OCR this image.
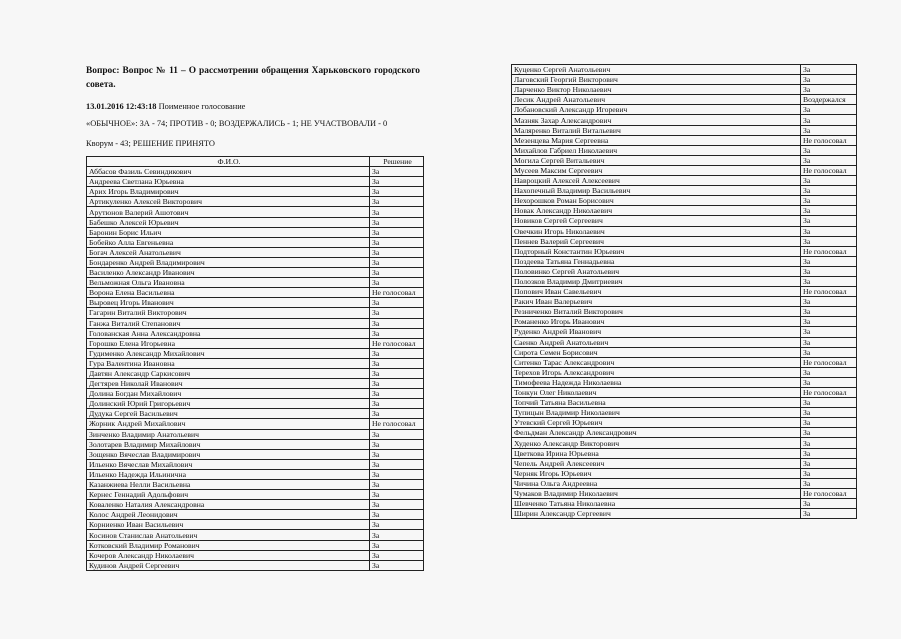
Вопрос: Вопрос № 11 – О рассмотрении обращения Харьковского городского совета.
13.01.2016 12:43:18 Поименное голосование
«ОБЫЧНОЕ»: ЗА - 74; ПРОТИВ - 0; ВОЗДЕРЖАЛИСЬ - 1; НЕ УЧАСТВОВАЛИ - 0
Кворум - 43; РЕШЕНИЕ ПРИНЯТО
Ф.И.О.	Решение
Аббасов Фазиль Севиндикович	За
Андреева Светлана Юрьевна	За
Арих Игорь Владимирович	За
Артикуленко Алексей Викторович	За
Арутюнов Валерий Ашотович	За
Бабешко Алексей Юрьевич	За
Баронин Борис Ильич	За
Бобейко Алла Евгеньевна	За
Богач Алексей Анатольевич	За
Бондаренко Андрей Владимирович	За
Василенко Александр Иванович	За
Вельможная Ольга Ивановна	За
Ворона Елена Васильевна	Не голосовал
Выровец Игорь Иванович	За
Гагарин Виталий Викторович	За
Ганжа Виталий Степанович	За
Голованская Анна Александровна	За
Горошко Елена Игорьевна	Не голосовал
Гудименко Александр Михайлович	За
Гура Валентина Ивановна	За
Давтян Александр Саркисович	За
Дегтярев Николай Иванович	За
Долина Богдан Михайлович	За
Долинский Юрий Григорьевич	За
Дудука Сергей Васильевич	За
Жорник Андрей Михайлович	Не голосовал
Зинченко Владимир Анатольевич	За
Золотарев Владимир Михайлович	За
Зощенко Вячеслав Владимирович	За
Ильенко Вячеслав Михайлович	За
Ильенко Надежда Ильинична	За
Казанжиева Нелли Васильевна	За
Кернес Геннадий Адольфович	За
Коваленко Наталия Александровна	За
Колос Андрей Леонидович	За
Корниенко Иван Васильевич	За
Косинов Станислав Анатольевич	За
Котковский Владимир Романович	За
Кочеров Александр Николаевич	За
Кудинов Андрей Сергеевич	За
Куценко Сергей Анатольевич	За
Лаговский Георгий Викторович	За
Ларченко Виктор Николаевич	За
Лесик Андрей Анатольевич	Воздержался
Лобановский Александр Игоревич	За
Мазняк Захар Александрович	За
Маляренко Виталий Витальевич	За
Мезенцева Мария Сергеевна	Не голосовал
Михайлов Габриел Николаевич	За
Могила Сергей Витальевич	За
Мусеев Максим Сергеевич	Не голосовал
Навроцкий Алексей Алексеевич	За
Нахопечный Владимир Васильевич	За
Нехорошков Роман Борисович	За
Новак Александр Николаевич	За
Новиков Сергей Сергеевич	За
Овечкин Игорь Николаевич	За
Пеннев Валерий Сергеевич	За
Подторный Константин Юрьевич	Не голосовал
Поздеева Татьяна Геннадьевна	За
Половинко Сергей Анатольевич	За
Полозков Владимир Дмитриевич	За
Попович Иван Савельевич	Не голосовал
Ракич Иван Валерьевич	За
Резниченко Виталий Викторович	За
Романенко Игорь Иванович	За
Руденко Андрей Иванович	За
Саенко Андрей Анатольевич	За
Сирота Семен Борисович	За
Ситенко Тарас Александрович	Не голосовал
Терехов Игорь Александрович	За
Тимофеева Надежда Николаевна	За
Тонкун Олег Николаевич	Не голосовал
Топчий Татьяна Васильевна	За
Тупицын Владимир Николаевич	За
Утевский Сергей Юрьевич	За
Фельдман Александр Александрович	За
Худенко Александр Викторович	За
Цветкова Ирина Юрьевна	За
Чепель Андрей Алексеевич	За
Черняк Игорь Юрьевич	За
Чичина Ольга Андреевна	За
Чумаков Владимир Николаевич	Не голосовал
Шевченко Татьяна Николаевна	За
Ширин Александр Сергеевич	За
